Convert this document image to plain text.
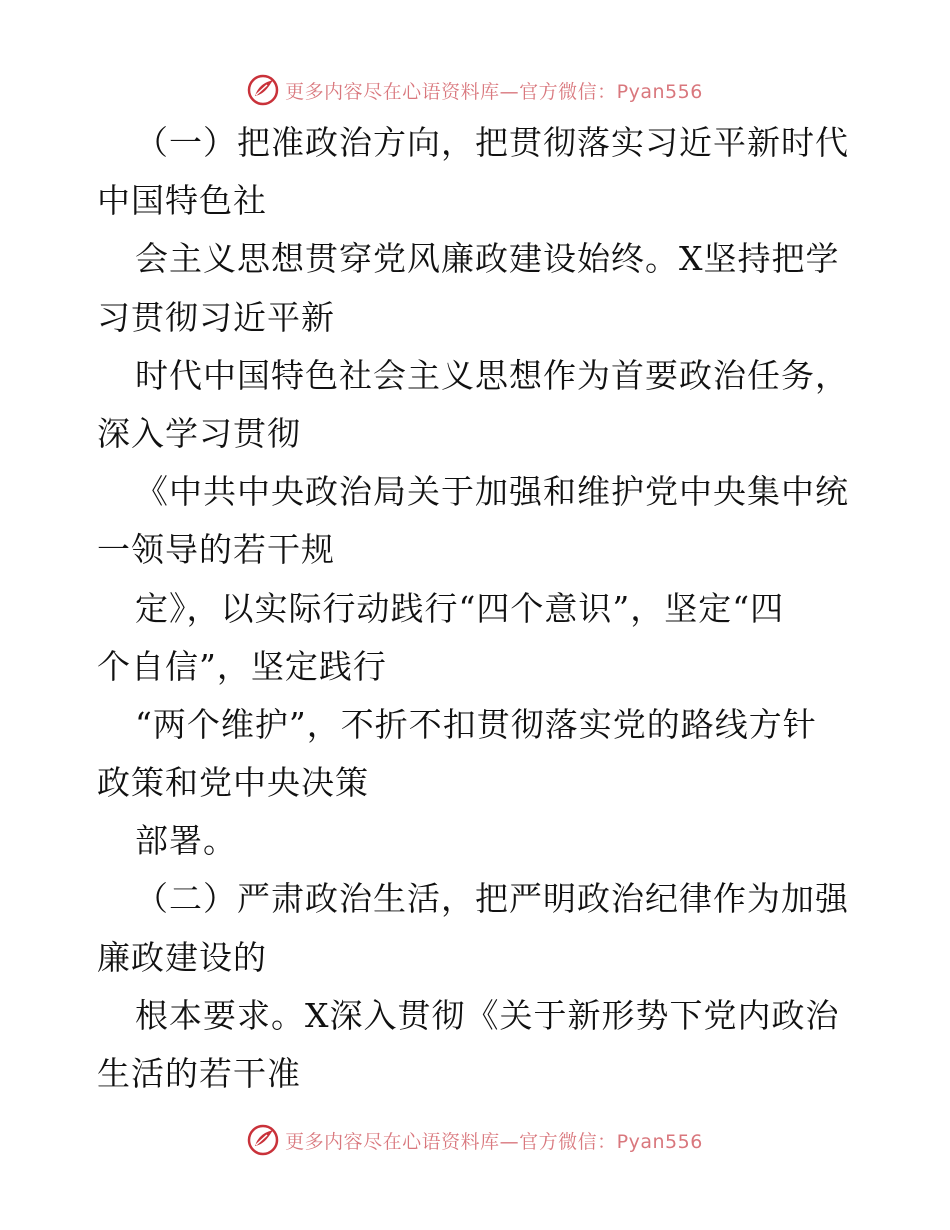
更多内容尽在心语资料库—官方微信：Pyan556
（一）把准政治方向，把贯彻落实习近平新时代
中国特色社
会主义思想贯穿党风廉政建设始终。X坚持把学
习贯彻习近平新
时代中国特色社会主义思想作为首要政治任务，
深入学习贯彻
《中共中央政治局关于加强和维护党中央集中统
一领导的若干规
定》，以实际行动践行“四个意识”，坚定“四
个自信”，坚定践行
“两个维护”，不折不扣贯彻落实党的路线方针
政策和党中央决策
部署。
（二）严肃政治生活，把严明政治纪律作为加强
廉政建设的
根本要求。X深入贯彻《关于新形势下党内政治
生活的若干准
更多内容尽在心语资料库—官方微信：Pyan556
